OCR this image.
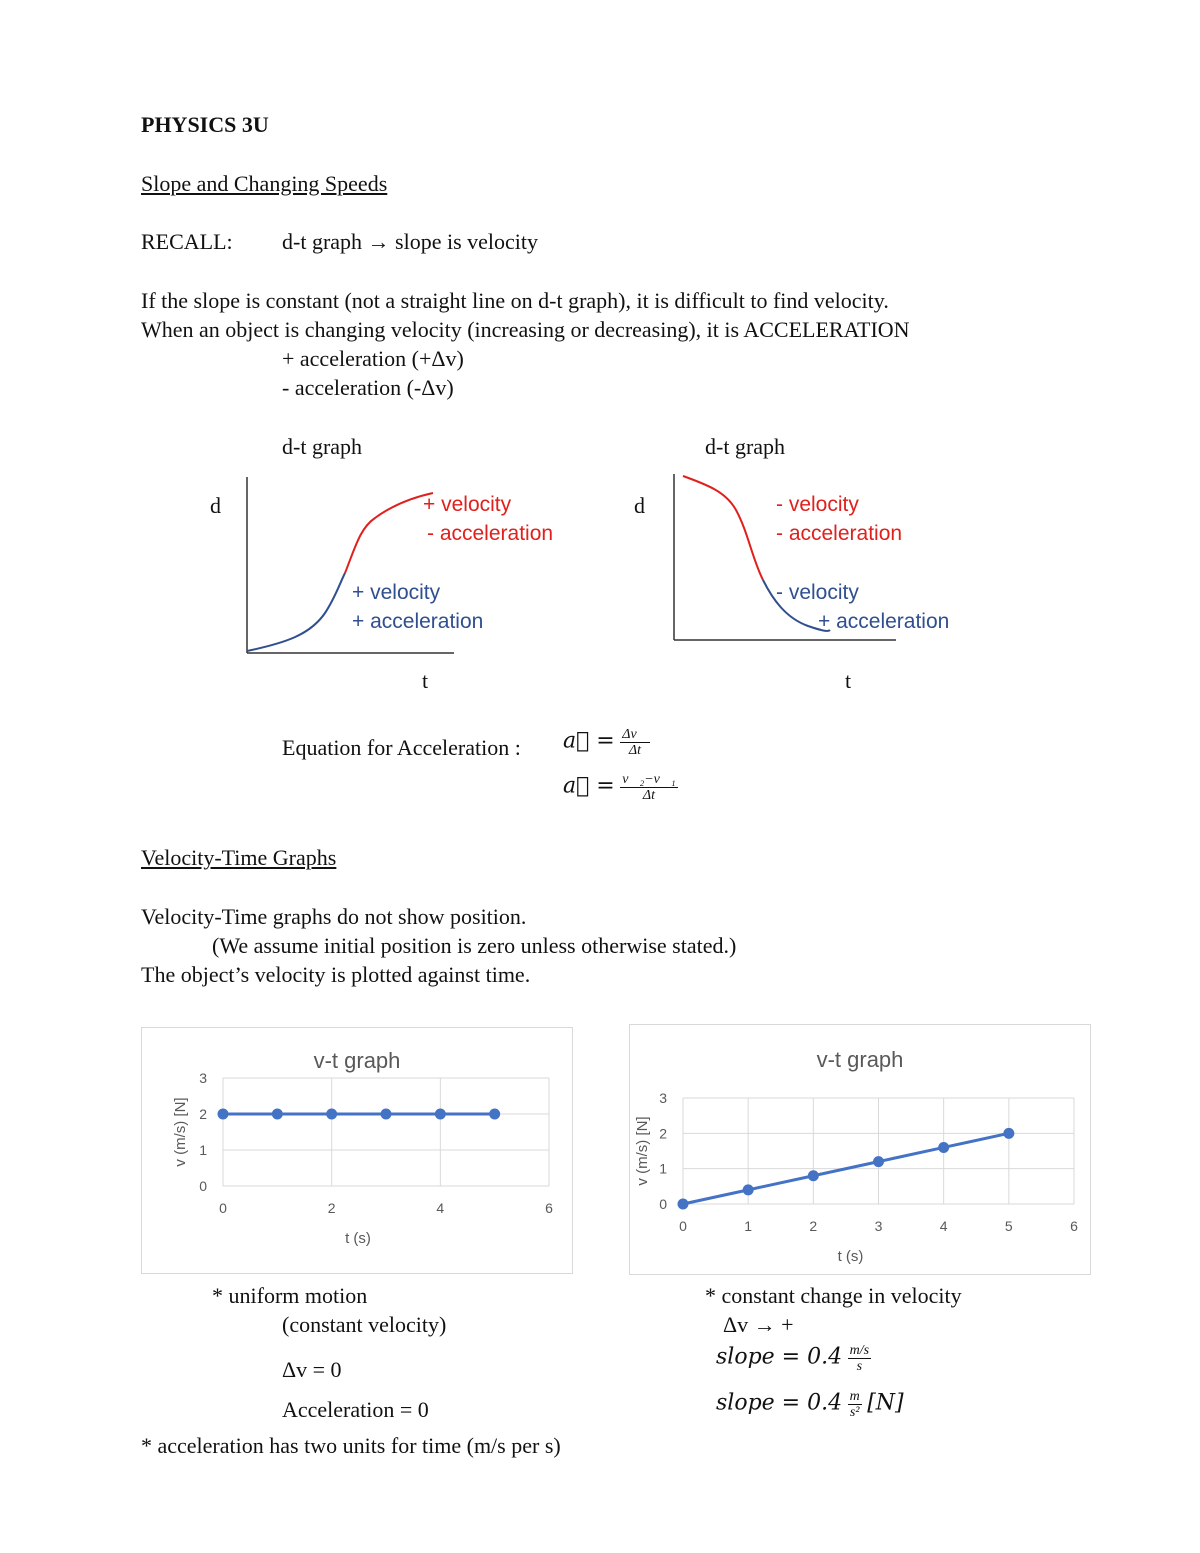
PHYSICS 3U
Slope and Changing Speeds
RECALL: d-t graph → slope is velocity
If the slope is constant (not a straight line on d-t graph), it is difficult to find velocity.
When an object is changing velocity (increasing or decreasing), it is ACCELERATION
+ acceleration (+Δv)
- acceleration (-Δv)
d-t graph
d
t
+ velocity
- acceleration
+ velocity
+ acceleration
d-t graph
d
t
- velocity
- acceleration
- velocity
+ acceleration
Equation for Acceleration : a⃗ = $\frac{\Delta v⃗}{\Delta t}$
a⃗ = $\frac{\text{v⃗₂−v⃗₁}}{\Delta t}$
Velocity-Time Graphs
Velocity-Time graphs do not show position.
(We assume initial position is zero unless otherwise stated.)
The object’s velocity is plotted against time.
0
1
2
3
0	2	4	6
v-t graph
t (s)
v (m/s) [N]
0
1
2
3
0	1	2	3	4	5	6
v-t graph
t (s)
v (m/s) [N]
* uniform motion
(constant velocity)
Δv = 0
Acceleration = 0
* constant change in velocity
Δv → +
slope = $0.4 \frac{m/s}{s}$
slope = $0.4 \frac{m}{\text{s²}} [N]$
* acceleration has two units for time (m/s per s)
